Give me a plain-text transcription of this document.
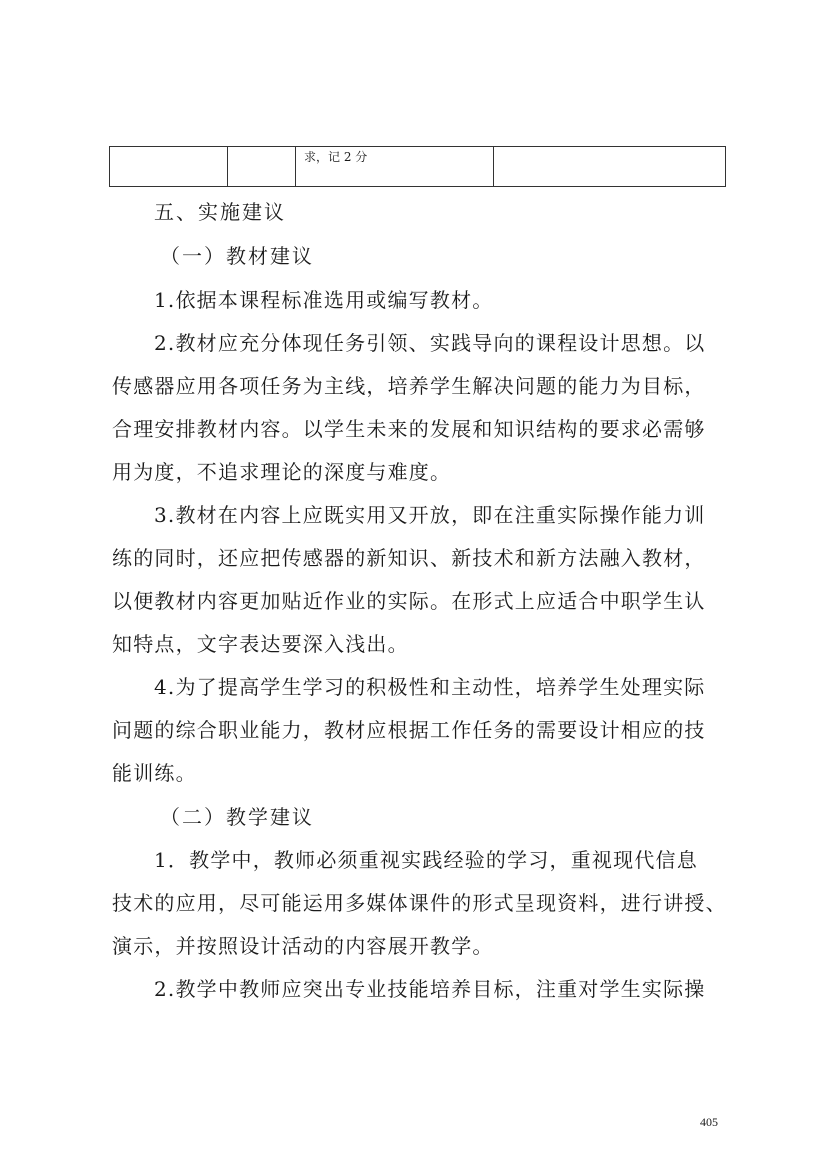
		求，记 2 分	
五、实施建议
（一）教材建议
1.依据本课程标准选用或编写教材。
2.教材应充分体现任务引领、实践导向的课程设计思想。以
传感器应用各项任务为主线，培养学生解决问题的能力为目标，
合理安排教材内容。以学生未来的发展和知识结构的要求必需够
用为度，不追求理论的深度与难度。
3.教材在内容上应既实用又开放，即在注重实际操作能力训
练的同时，还应把传感器的新知识、新技术和新方法融入教材，
以便教材内容更加贴近作业的实际。在形式上应适合中职学生认
知特点，文字表达要深入浅出。
4.为了提高学生学习的积极性和主动性，培养学生处理实际
问题的综合职业能力，教材应根据工作任务的需要设计相应的技
能训练。
（二）教学建议
1．教学中，教师必须重视实践经验的学习，重视现代信息
技术的应用，尽可能运用多媒体课件的形式呈现资料，进行讲授、
演示，并按照设计活动的内容展开教学。
2.教学中教师应突出专业技能培养目标，注重对学生实际操
405
